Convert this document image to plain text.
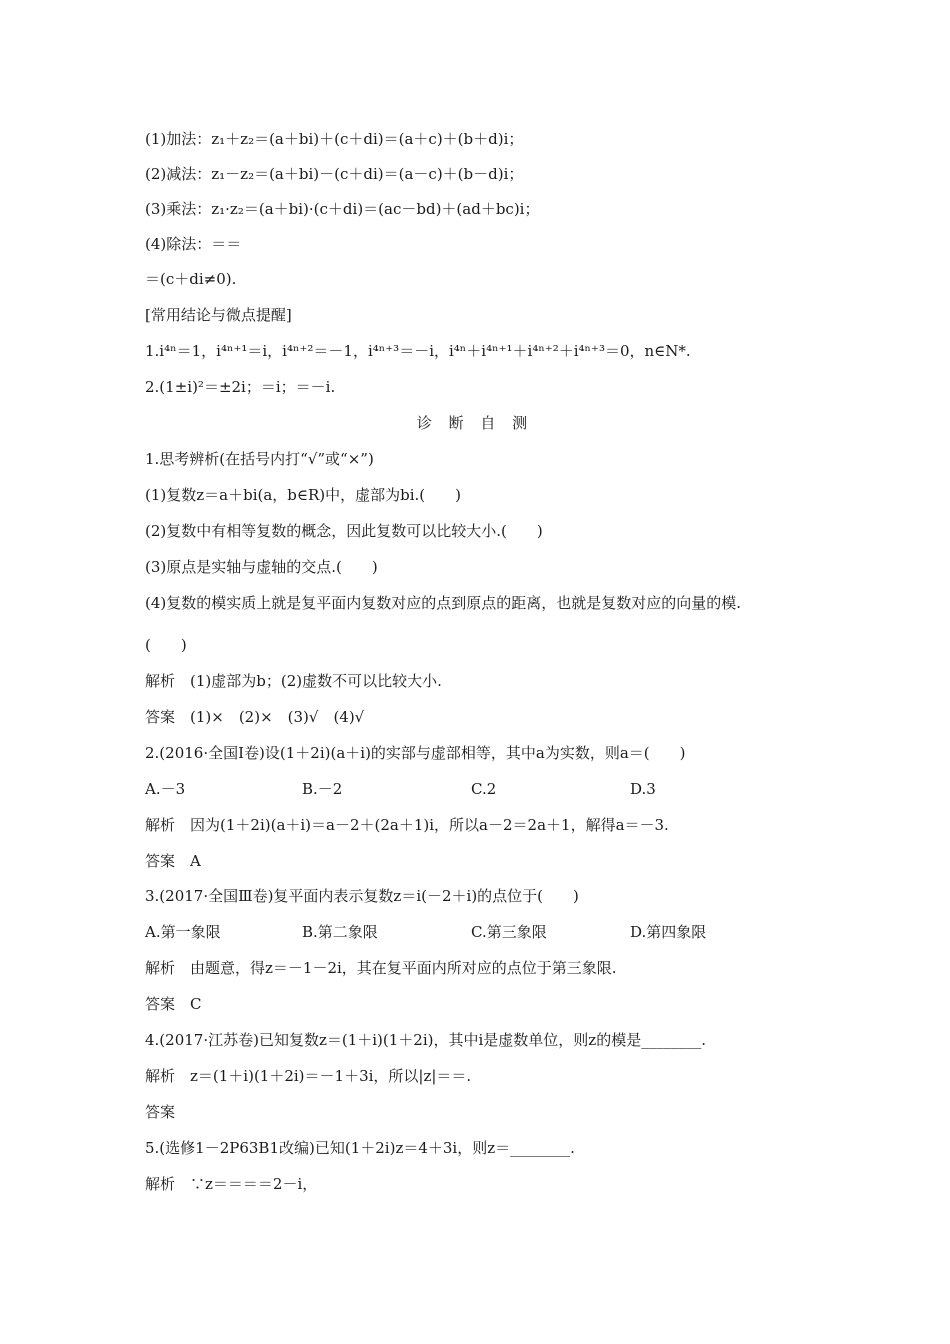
(1)加法：z₁＋z₂＝(a＋bi)＋(c＋di)＝(a＋c)＋(b＋d)i；
(2)减法：z₁－z₂＝(a＋bi)－(c＋di)＝(a－c)＋(b－d)i；
(3)乘法：z₁·z₂＝(a＋bi)·(c＋di)＝(ac－bd)＋(ad＋bc)i；
(4)除法：＝＝
＝(c＋di≠0).
[常用结论与微点提醒]
1.i⁴ⁿ＝1，i⁴ⁿ⁺¹＝i，i⁴ⁿ⁺²＝－1，i⁴ⁿ⁺³＝－i，i⁴ⁿ＋i⁴ⁿ⁺¹＋i⁴ⁿ⁺²＋i⁴ⁿ⁺³＝0，n∈N*.
2.(1±i)²＝±2i；＝i；＝－i.
诊 断 自 测
1.思考辨析(在括号内打“√”或“×”)
(1)复数z＝a＋bi(a，b∈R)中，虚部为bi.(　　)
(2)复数中有相等复数的概念，因此复数可以比较大小.(　　)
(3)原点是实轴与虚轴的交点.(　　)
(4)复数的模实质上就是复平面内复数对应的点到原点的距离，也就是复数对应的向量的模.
(　　)
解析　(1)虚部为b；(2)虚数不可以比较大小.
答案　(1)×　(2)×　(3)√　(4)√
2.(2016·全国Ⅰ卷)设(1＋2i)(a＋i)的实部与虚部相等，其中a为实数，则a＝(　　)
A.－3	B.－2	C.2	D.3
解析　因为(1＋2i)(a＋i)＝a－2＋(2a＋1)i，所以a－2＝2a＋1，解得a＝－3.
答案　A
3.(2017·全国Ⅲ卷)复平面内表示复数z＝i(－2＋i)的点位于(　　)
A.第一象限	B.第二象限	C.第三象限	D.第四象限
解析　由题意，得z＝－1－2i，其在复平面内所对应的点位于第三象限.
答案　C
4.(2017·江苏卷)已知复数z＝(1＋i)(1＋2i)，其中i是虚数单位，则z的模是________.
解析　z＝(1＋i)(1＋2i)＝－1＋3i，所以|z|＝＝.
答案
5.(选修1－2P63B1改编)已知(1＋2i)z＝4＋3i，则z＝________.
解析　∵z＝＝＝＝2－i，
